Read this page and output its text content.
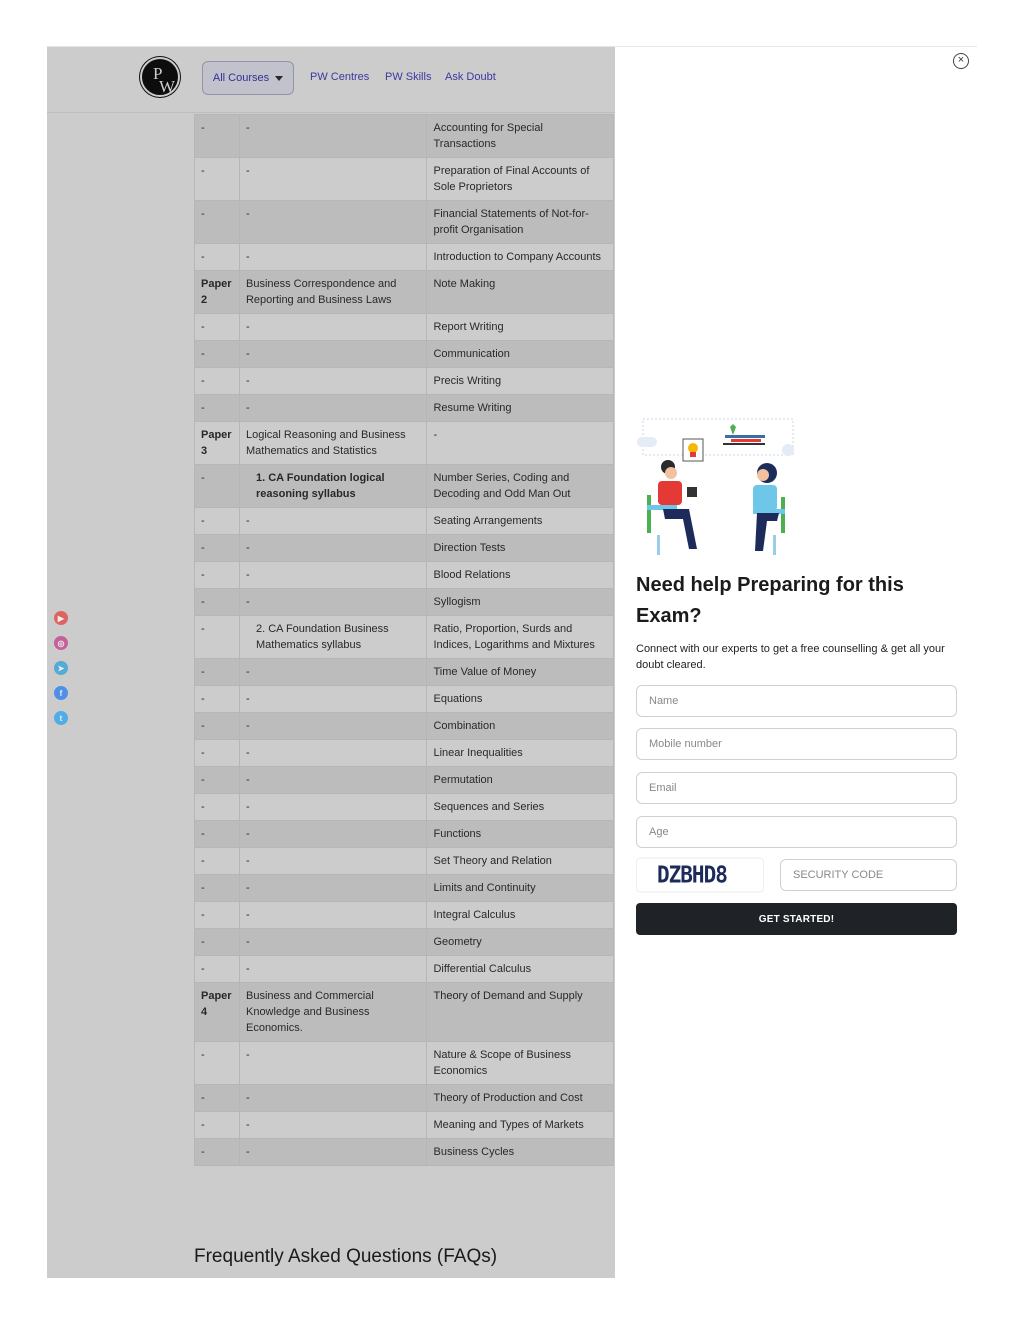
P
W	All Courses	PW Centres PW Skills Ask Doubt
-	-	Accounting for Special Transactions
-	-	Preparation of Final Accounts of Sole Proprietors
-	-	Financial Statements of Not-for-profit Organisation
-	-	Introduction to Company Accounts
Paper 2	Business Correspondence and Reporting and Business Laws	Note Making
-	-	Report Writing
-	-	Communication
-	-	Precis Writing
-	-	Resume Writing
Paper 3	Logical Reasoning and Business Mathematics and Statistics	-
-	1. CA Foundation logical reasoning syllabus	Number Series, Coding and Decoding and Odd Man Out
-	-	Seating Arrangements
-	-	Direction Tests
-	-	Blood Relations
-	-	Syllogism
-	2. CA Foundation Business Mathematics syllabus	Ratio, Proportion, Surds and Indices, Logarithms and Mixtures
-	-	Time Value of Money
-	-	Equations
-	-	Combination
-	-	Linear Inequalities
-	-	Permutation
-	-	Sequences and Series
-	-	Functions
-	-	Set Theory and Relation
-	-	Limits and Continuity
-	-	Integral Calculus
-	-	Geometry
-	-	Differential Calculus
Paper 4	Business and Commercial Knowledge and Business Economics.	Theory of Demand and Supply
-	-	Nature & Scope of Business Economics
-	-	Theory of Production and Cost
-	-	Meaning and Types of Markets
-	-	Business Cycles
Frequently Asked Questions (FAQs)
▶
◎
➤
f
t
×
Need help Preparing for this Exam?
Connect with our experts to get a free counselling & get all your doubt cleared.
Name
Mobile number
Email
Age
DZBHD8
SECURITY CODE
GET STARTED!
